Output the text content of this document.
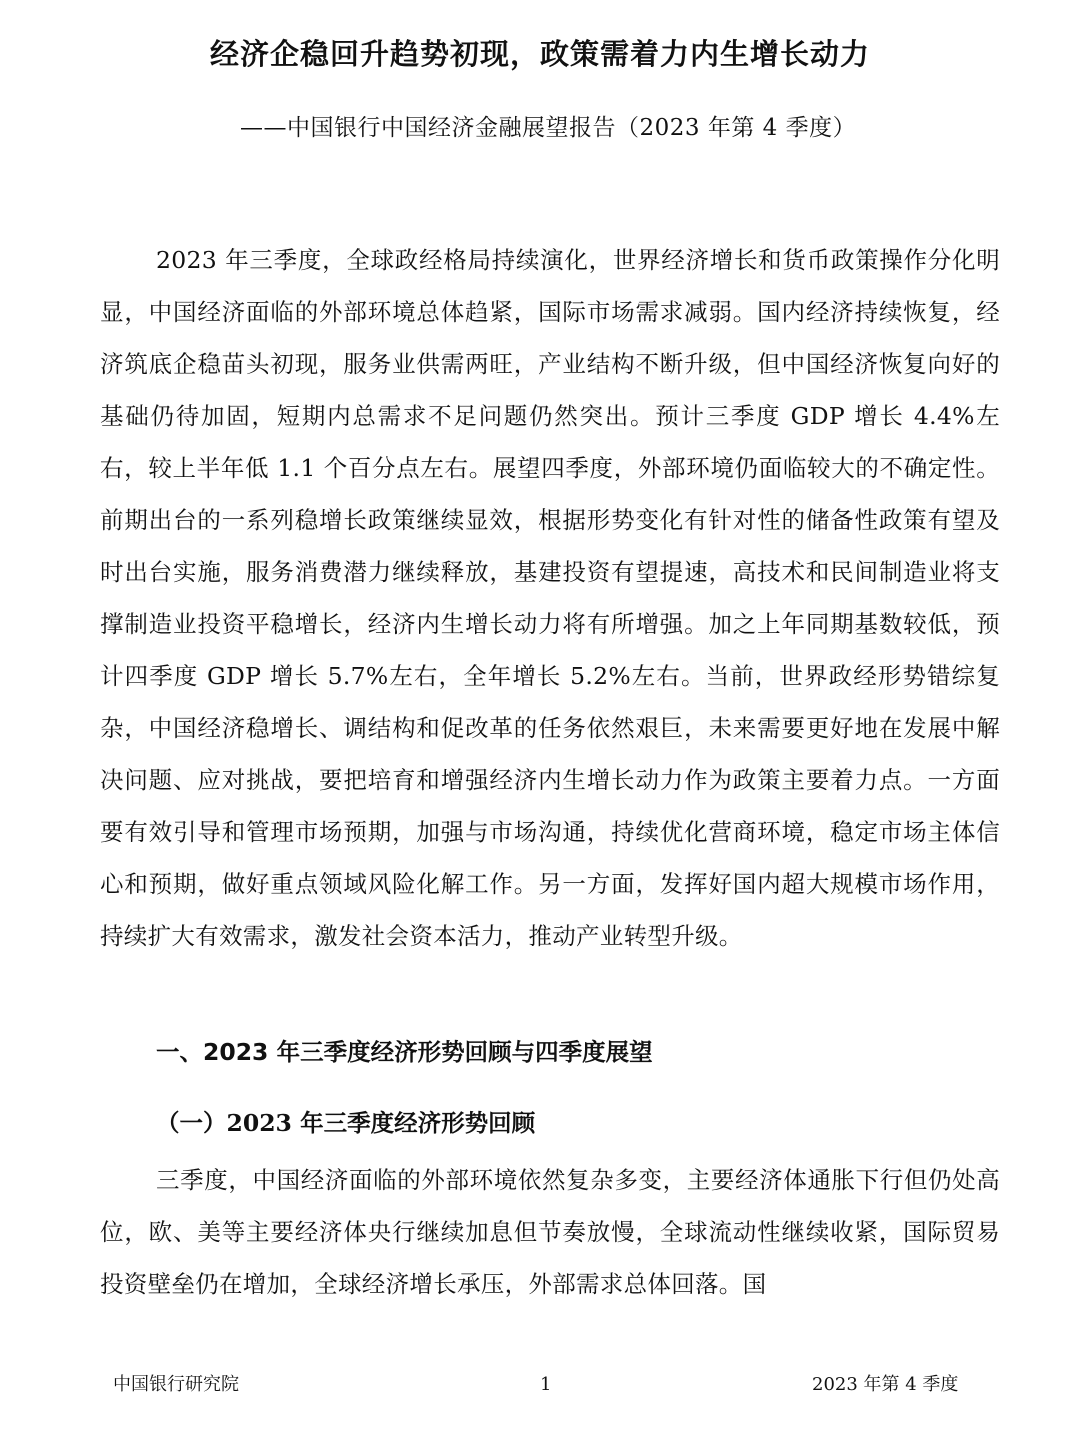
经济企稳回升趋势初现，政策需着力内生增长动力
——中国银行中国经济金融展望报告（2023 年第 4 季度）

2023 年三季度，全球政经格局持续演化，世界经济增长和货币政策操作分化明显，中国经济面临的外部环境总体趋紧，国际市场需求减弱。国内经济持续恢复，经济筑底企稳苗头初现，服务业供需两旺，产业结构不断升级，但中国经济恢复向好的基础仍待加固，短期内总需求不足问题仍然突出。预计三季度 GDP 增长 4.4%左右，较上半年低 1.1 个百分点左右。展望四季度，外部环境仍面临较大的不确定性。前期出台的一系列稳增长政策继续显效，根据形势变化有针对性的储备性政策有望及时出台实施，服务消费潜力继续释放，基建投资有望提速，高技术和民间制造业将支撑制造业投资平稳增长，经济内生增长动力将有所增强。加之上年同期基数较低，预计四季度 GDP 增长 5.7%左右，全年增长 5.2%左右。当前，世界政经形势错综复杂，中国经济稳增长、调结构和促改革的任务依然艰巨，未来需要更好地在发展中解决问题、应对挑战，要把培育和增强经济内生增长动力作为政策主要着力点。一方面要有效引导和管理市场预期，加强与市场沟通，持续优化营商环境，稳定市场主体信心和预期，做好重点领域风险化解工作。另一方面，发挥好国内超大规模市场作用，持续扩大有效需求，激发社会资本活力，推动产业转型升级。

一、2023 年三季度经济形势回顾与四季度展望
（一）2023 年三季度经济形势回顾

三季度，中国经济面临的外部环境依然复杂多变，主要经济体通胀下行但仍处高位，欧、美等主要经济体央行继续加息但节奏放慢，全球流动性继续收紧，国际贸易投资壁垒仍在增加，全球经济增长承压，外部需求总体回落。国

中国银行研究院	1	2023 年第 4 季度
